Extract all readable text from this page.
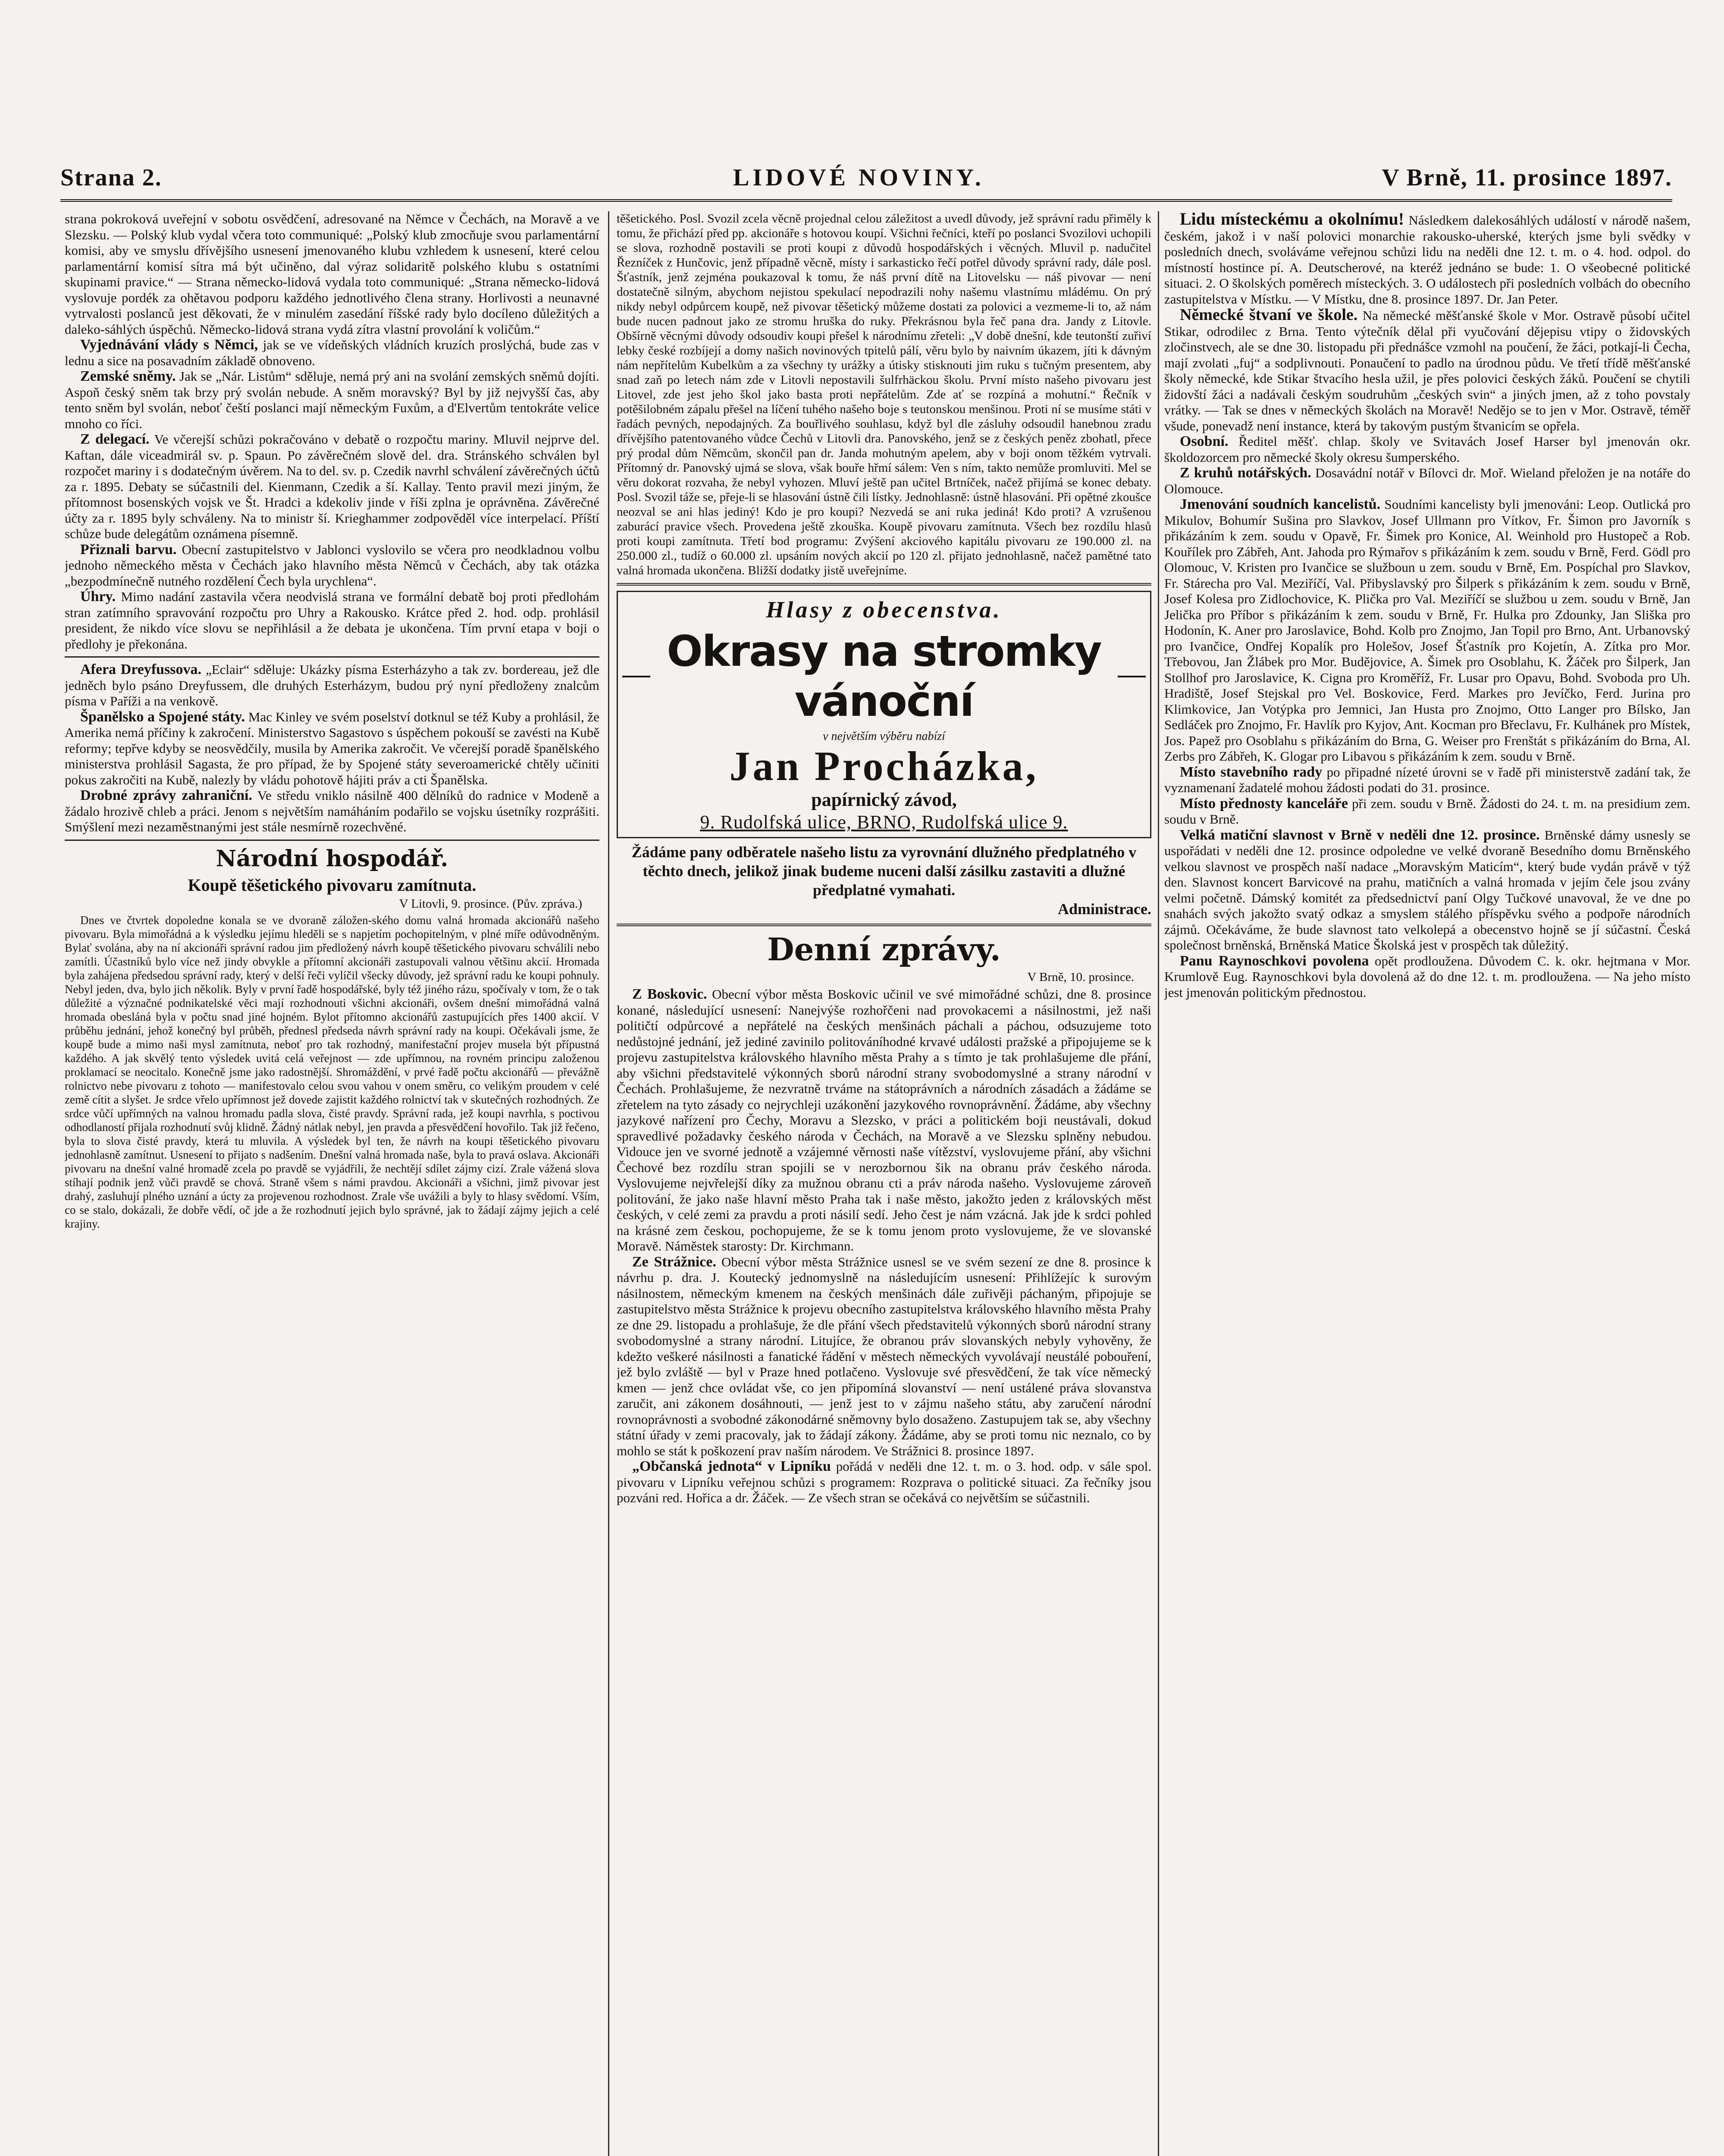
Strana 2.	LIDOVÉ NOVINY.	V Brně, 11. prosince 1897.

strana pokroková uveřejní v sobotu osvědčení, adresované na Němce v Čechách, na Moravě a ve Slezsku. — Polský klub vydal včera toto communiqué: „Polský klub zmocňuje svou parlamentární komisi, aby ve smyslu dřívějšího usnesení jmenovaného klubu vzhledem k usnesení, které celou parlamentární komisí sítra má být učiněno, dal výraz solidaritě polského klubu s ostatními skupinami pravice.“ — Strana německo-lidová vydala toto communiqué: „Strana německo-lidová vyslovuje pordék za ohětavou podporu každého jednotlivého člena strany. Horlivosti a neunavné vytrvalosti poslanců jest děkovati, že v minulém zasedání říšské rady bylo docíleno důležitých a daleko-sáhlých úspěchů. Německo-lidová strana vydá zítra vlastní provolání k voličům.“

Vyjednávání vlády s Němci, jak se ve vídeňských vládních kruzích proslýchá, bude zas v lednu a sice na posavadním základě obnoveno.

Zemské sněmy. Jak se „Nár. Listům“ sděluje, nemá prý ani na svolání zemských sněmů dojíti. Aspoň český sněm tak brzy prý svolán nebude. A sněm moravský? Byl by již nejvyšší čas, aby tento sněm byl svolán, neboť čeští poslanci mají německým Fuxům, a d'Elvertům tentokráte velice mnoho co říci.

Z delegací. Ve včerejší schůzi pokračováno v debatě o rozpočtu mariny. Mluvil nejprve del. Kaftan, dále viceadmirál sv. p. Spaun. Po závěrečném slově del. dra. Stránského schválen byl rozpočet mariny i s dodatečným úvěrem. Na to del. sv. p. Czedik navrhl schválení závěrečných účtů za r. 1895. Debaty se súčastnili del. Kienmann, Czedik a ší. Kallay. Tento pravil mezi jiným, že přítomnost bosenských vojsk ve Št. Hradci a kdekoliv jinde v říši zplna je oprávněna. Závěrečné účty za r. 1895 byly schváleny. Na to ministr ší. Krieghammer zodpověděl více interpelací. Příští schůze bude delegátům oznámena písemně.

Přiznali barvu. Obecní zastupitelstvo v Jablonci vyslovilo se včera pro neodkladnou volbu jednoho německého města v Čechách jako hlavního města Němců v Čechách, aby tak otázka „bezpodmínečně nutného rozdělení Čech byla urychlena“.

Úhry. Mimo nadání zastavila včera neodvislá strana ve formální debatě boj proti předlohám stran zatímního spravování rozpočtu pro Uhry a Rakousko. Krátce před 2. hod. odp. prohlásil president, že nikdo více slovu se nepřihlásil a že debata je ukončena. Tím první etapa v boji o předlohy je překonána.

Afera Dreyfussova. „Eclair“ sděluje: Ukázky písma Esterházyho a tak zv. bordereau, jež dle jedněch bylo psáno Dreyfussem, dle druhých Esterházym, budou prý nyní předloženy znalcům písma v Paříži a na venkově.

Španělsko a Spojené státy. Mac Kinley ve svém poselství dotknul se též Kuby a prohlásil, že Amerika nemá příčiny k zakročení. Ministerstvo Sagastovo s úspěchem pokouší se zavésti na Kubě reformy; tepřve kdyby se neosvědčily, musila by Amerika zakročit. Ve včerejší poradě španělského ministerstva prohlásil Sagasta, že pro případ, že by Spojené státy severoamerické chtěly učiniti pokus zakročiti na Kubě, nalezly by vládu pohotově hájiti práv a cti Španělska.

Drobné zprávy zahraniční. Ve středu vniklo násilně 400 dělníků do radnice v Modeně a žádalo hrozivě chleb a práci. Jenom s největším namáháním podařilo se vojsku úsetníky rozprášiti. Smýšlení mezi nezaměstnanými jest stále nesmírně rozechvěné.

Národní hospodář.
Koupě těšetického pivovaru zamítnuta.
V Litovli, 9. prosince. (Pův. zpráva.)

Dnes ve čtvrtek dopoledne konala se ve dvoraně záložen-ského domu valná hromada akcionářů našeho pivovaru. Byla mimořádná a k výsledku jejímu hleděli se s napjetím pochopitelným, v plné míře odůvodněným. Bylať svolána, aby na ní akcionáři správní radou jim předložený návrh koupě těšetického pivovaru schválili nebo zamítli. Účastníků bylo více než jindy obvykle a přítomní akcionáři zastupovali valnou většinu akcií. Hromada byla zahájena předsedou správní rady, který v delší řeči vylíčil všecky důvody, jež správní radu ke koupi pohnuly. Nebyl jeden, dva, bylo jich několik. Byly v první řadě hospodářské, byly též jiného rázu, spočívaly v tom, že o tak důležité a význačné podnikatelské věci mají rozhodnouti všichni akcionáři, ovšem dnešní mimořádná valná hromada obesláná byla v počtu snad jiné hojném. Bylot přítomno akcionářů zastupujících přes 1400 akcií. V průběhu jednání, jehož konečný byl průběh, přednesl předseda návrh správní rady na koupi. Očekávali jsme, že koupě bude a mimo naši mysl zamítnuta, neboť pro tak rozhodný, manifestační projev musela být přípustná každého. A jak skvělý tento výsledek uvitá celá veřejnost — zde upřímnou, na rovném principu založenou proklamací se neocitalo. Konečně jsme jako radostnější. Shromáždění, v prvé řadě počtu akcionářů — převážně rolnictvo nebe pivovaru z tohoto — manifestovalo celou svou vahou v onem směru, co velikým proudem v celé země cítit a slyšet. Je srdce vřelo upřímnost jež dovede zajistit každého rolnictví tak v skutečných rozhodných. Ze srdce vůčí upřímných na valnou hromadu padla slova, čisté pravdy. Správní rada, jež koupi navrhla, s poctivou odhodlaností přijala rozhodnutí svůj klidně. Žádný nátlak nebyl, jen pravda a přesvědčení hovořilo. Tak již řečeno, byla to slova čisté pravdy, která tu mluvila. A výsledek byl ten, že návrh na koupi těšetického pivovaru jednohlasně zamítnut. Usnesení to přijato s nadšením. Dnešní valná hromada naše, byla to pravá oslava. Akcionáři pivovaru na dnešní valné hromadě zcela po pravdě se vyjádřili, že nechtějí sdílet zájmy cizí. Zrale vážená slova stíhají podnik jenž vůči pravdě se chová. Straně všem s námi pravdou. Akcionáři a všichni, jimž pivovar jest drahý, zasluhují plného uznání a úcty za projevenou rozhodnost. Zrale vše uvážili a byly to hlasy svědomí. Vším, co se stalo, dokázali, že dobře vědí, oč jde a že rozhodnutí jejich bylo správné, jak to žádají zájmy jejich a celé krajiny.

těšetického. Posl. Svozil zcela věcně projednal celou záležitost a uvedl důvody, jež správní radu přiměly k tomu, že přichází před pp. akcionáře s hotovou koupí. Všichni řečníci, kteří po poslanci Svozilovi uchopili se slova, rozhodně postavili se proti koupi z důvodů hospodářských i věcných. Mluvil p. nadučitel Řezníček z Hunčovic, jenž případně věcně, místy i sarkasticko řečí potřel důvody správní rady, dále posl. Šťastník, jenž zejména poukazoval k tomu, že náš první dítě na Litovelsku — náš pivovar — není dostatečně silným, abychom nejistou spekulací nepodrazili nohy našemu vlastnímu mládému. On prý nikdy nebyl odpůrcem koupě, než pivovar těšetický můžeme dostati za polovici a vezmeme-li to, až nám bude nucen padnout jako ze stromu hruška do ruky. Překrásnou byla řeč pana dra. Jandy z Litovle. Obšírně věcnými důvody odsoudiv koupi přešel k národnímu zřeteli: „V době dnešní, kde teutonští zuřiví lebky české rozbíjejí a domy našich novinových tpitelů pálí, věru bylo by naivním úkazem, jíti k dávným nám nepřítelům Kubelkům a za všechny ty urážky a útisky stisknouti jim ruku s tučným presentem, aby snad zaň po letech nám zde v Litovli nepostavili šulfrhäckou školu. První místo našeho pivovaru jest Litovel, zde jest jeho škol jako basta proti nepřátelům. Zde ať se rozpíná a mohutní.“ Řečník v potěšilobném zápalu přešel na líčení tuhého našeho boje s teutonskou menšinou. Proti ní se musíme státi v řadách pevných, nepodajných. Za bouřlivého souhlasu, když byl dle zásluhy odsoudil hanebnou zradu dřívějšího patentovaného vůdce Čechů v Litovli dra. Panovského, jenž se z českých peněz zbohatl, přece prý prodal dům Němcům, skončil pan dr. Janda mohutným apelem, aby v boji onom těžkém vytrvali. Přítomný dr. Panovský ujmá se slova, však bouře hřmí sálem: Ven s ním, takto nemůže promluviti. Mel se věru dokorat rozvaha, že nebyl vyhozen. Mluví ještě pan učitel Brtníček, načež přijímá se konec debaty. Posl. Svozil táže se, přeje-li se hlasování ústně čili lístky. Jednohlasně: ústně hlasování. Při opětné zkoušce neozval se ani hlas jediný! Kdo je pro koupi? Nezvedá se ani ruka jediná! Kdo proti? A vzrušenou zaburácí pravice všech. Provedena ještě zkouška. Koupě pivovaru zamítnuta. Všech bez rozdílu hlasů proti koupi zamítnuta. Třetí bod programu: Zvýšení akciového kapitálu pivovaru ze 190.000 zl. na 250.000 zl., tudíž o 60.000 zl. upsáním nových akcií po 120 zl. přijato jednohlasně, načež pamětné tato valná hromada ukončena. Bližší dodatky jistě uveřejníme.

Hlasy z obecenstva.
Okrasy na stromky vánoční
v největším výběru nabízí
Jan Procházka,
papírnický závod,
9. Rudolfská ulice, BRNO, Rudolfská ulice 9.
Žádáme pany odběratele našeho listu za vyrovnání dlužného předplatného v těchto dnech, jelikož jinak budeme nuceni další zásilku zastaviti a dlužné předplatné vymahati.
Administrace.
Denní zprávy.
V Brně, 10. prosince.

Z Boskovic. Obecní výbor města Boskovic učinil ve své mimořádné schůzi, dne 8. prosince konané, následující usnesení: Nanejvýše rozhořčeni nad provokacemi a násilnostmi, jež naši političtí odpůrcové a nepřátelé na českých menšinách páchali a páchou, odsuzujeme toto nedůstojné jednání, jež jediné zavinilo politováníhodné krvavé události pražské a připojujeme se k projevu zastupitelstva královského hlavního města Prahy a s tímto je tak prohlašujeme dle přání, aby všichni představitelé výkonných sborů národní strany svobodomyslné a strany národní v Čechách. Prohlašujeme, že nezvratně trváme na státoprávních a národních zásadách a žádáme se zřetelem na tyto zásady co nejrychleji uzákonění jazykového rovnoprávnění. Žádáme, aby všechny jazykové nařízení pro Čechy, Moravu a Slezsko, v práci a politickém boji neustávali, dokud spravedlivé požadavky českého národa v Čechách, na Moravě a ve Slezsku splněny nebudou. Vidouce jen ve svorné jednotě a vzájemné věrnosti naše vítězství, vyslovujeme přání, aby všichni Čechové bez rozdílu stran spojili se v nerozbornou šik na obranu práv českého národa. Vyslovujeme nejvřelejší díky za mužnou obranu cti a práv národa našeho. Vyslovujeme zároveň politování, že jako naše hlavní město Praha tak i naše město, jakožto jeden z královských měst českých, v celé zemi za pravdu a proti násilí sedí. Jeho čest je nám vzácná. Jak jde k srdci pohled na krásné zem českou, pochopujeme, že se k tomu jenom proto vyslovujeme, že ve slovanské Moravě. Náměstek starosty: Dr. Kirchmann.

Ze Strážnice. Obecní výbor města Strážnice usnesl se ve svém sezení ze dne 8. prosince k návrhu p. dra. J. Koutecký jednomyslně na následujícím usnesení: Přihlížejíc k surovým násilnostem, německým kmenem na českých menšinách dále zuřivěji páchaným, připojuje se zastupitelstvo města Strážnice k projevu obecního zastupitelstva královského hlavního města Prahy ze dne 29. listopadu a prohlašuje, že dle přání všech představitelů výkonných sborů národní strany svobodomyslné a strany národní. Litujíce, že obranou práv slovanských nebyly vyhověny, že kdežto veškeré násilnosti a fanatické řádění v městech německých vyvolávají neustálé pobouření, jež bylo zvláště — byl v Praze hned potlačeno. Vyslovuje své přesvědčení, že tak více německý kmen — jenž chce ovládat vše, co jen připomíná slovanství — není ustálené práva slovanstva zaručit, ani zákonem dosáhnouti, — jenž jest to v zájmu našeho státu, aby zaručení národní rovnoprávnosti a svobodné zákonodárné sněmovny bylo dosaženo. Zastupujem tak se, aby všechny státní úřady v zemi pracovaly, jak to žádají zákony. Žádáme, aby se proti tomu nic neznalo, co by mohlo se stát k poškození prav naším národem. Ve Strážnici 8. prosince 1897.

„Občanská jednota“ v Lipníku pořádá v neděli dne 12. t. m. o 3. hod. odp. v sále spol. pivovaru v Lipníku veřejnou schůzi s programem: Rozprava o politické situaci. Za řečníky jsou pozváni red. Hořica a dr. Žáček. — Ze všech stran se očekává co největším se súčastnili.

Lidu místeckému a okolnímu! Následkem dalekosáhlých událostí v národě našem, českém, jakož i v naší polovici monarchie rakousko-uherské, kterých jsme byli svědky v posledních dnech, svoláváme veřejnou schůzi lidu na neděli dne 12. t. m. o 4. hod. odpol. do místností hostince pí. A. Deutscherové, na kteréž jednáno se bude: 1. O všeobecné politické situaci. 2. O školských poměrech místeckých. 3. O událostech při posledních volbách do obecního zastupitelstva v Místku. — V Místku, dne 8. prosince 1897. Dr. Jan Peter.

Německé štvaní ve škole. Na německé měšťanské škole v Mor. Ostravě působí učitel Stikar, odrodilec z Brna. Tento výtečník dělal při vyučování dějepisu vtipy o židovských zločinstvech, ale se dne 30. listopadu při přednášce vzmohl na poučení, že žáci, potkají-li Čecha, mají zvolati „fuj“ a sodplivnouti. Ponaučení to padlo na úrodnou půdu. Ve třetí třídě měšťanské školy německé, kde Stikar štvacího hesla užil, je přes polovici českých žáků. Poučení se chytili židovští žáci a nadávali českým soudruhům „českých svin“ a jiných jmen, až z toho povstaly vrátky. — Tak se dnes v německých školách na Moravě! Nedějo se to jen v Mor. Ostravě, téměř všude, ponevadž není instance, která by takovým pustým štvanicím se opřela.

Osobní. Ředitel měšť. chlap. školy ve Svitavách Josef Harser byl jmenován okr. školdozorcem pro německé školy okresu šumperského.

Z kruhů notářských. Dosavádní notář v Bílovci dr. Moř. Wieland přeložen je na notáře do Olomouce.

Jmenování soudních kancelistů. Soudními kancelisty byli jmenováni: Leop. Outlická pro Mikulov, Bohumír Sušina pro Slavkov, Josef Ullmann pro Vítkov, Fr. Šimon pro Javorník s přikázáním k zem. soudu v Opavě, Fr. Šimek pro Konice, Al. Weinhold pro Hustopeč a Rob. Kouřílek pro Zábřeh, Ant. Jahoda pro Rýmařov s přikázáním k zem. soudu v Brně, Ferd. Gödl pro Olomouc, V. Kristen pro Ivančice se služboun u zem. soudu v Brně, Em. Pospíchal pro Slavkov, Fr. Stárecha pro Val. Meziříčí, Val. Přibyslavský pro Šilperk s přikázáním k zem. soudu v Brně, Josef Kolesa pro Zidlochovice, K. Plička pro Val. Meziříčí se službou u zem. soudu v Brně, Jan Jelička pro Příbor s přikázáním k zem. soudu v Brně, Fr. Hulka pro Zdounky, Jan Sliška pro Hodonín, K. Aner pro Jaroslavice, Bohd. Kolb pro Znojmo, Jan Topil pro Brno, Ant. Urbanovský pro Ivančice, Ondřej Kopalík pro Holešov, Josef Šťastník pro Kojetín, A. Zítka pro Mor. Třebovou, Jan Žlábek pro Mor. Budějovice, A. Šimek pro Osoblahu, K. Žáček pro Šilperk, Jan Stollhof pro Jaroslavice, K. Cigna pro Kroměříž, Fr. Lusar pro Opavu, Bohd. Svoboda pro Uh. Hradiště, Josef Stejskal pro Vel. Boskovice, Ferd. Markes pro Jevíčko, Ferd. Jurina pro Klimkovice, Jan Votýpka pro Jemnici, Jan Husta pro Znojmo, Otto Langer pro Bílsko, Jan Sedláček pro Znojmo, Fr. Havlík pro Kyjov, Ant. Kocman pro Břeclavu, Fr. Kulhánek pro Místek, Jos. Papež pro Osoblahu s přikázáním do Brna, G. Weiser pro Frenštát s přikázáním do Brna, Al. Zerbs pro Zábřeh, K. Glogar pro Libavou s přikázáním k zem. soudu v Brně.

Místo stavebního rady po připadné nízeté úrovni se v řadě při ministerstvě zadání tak, že vyznamenaní žadatelé mohou žádosti podati do 31. prosince.

Místo přednosty kanceláře při zem. soudu v Brně. Žádosti do 24. t. m. na presidium zem. soudu v Brně.

Velká matiční slavnost v Brně v neděli dne 12. prosince. Brněnské dámy usnesly se uspořádati v neděli dne 12. prosince odpoledne ve velké dvoraně Besedního domu Brněnského velkou slavnost ve prospěch naší nadace „Moravským Maticím“, který bude vydán právě v týž den. Slavnost koncert Barvicové na prahu, matičních a valná hromada v jejím čele jsou zvány velmi početně. Dámský komitét za předsednictví paní Olgy Tučkové unavoval, že ve dne po snahách svých jakožto svatý odkaz a smyslem stálého příspěvku svého a podpoře národních zájmů. Očekáváme, že bude slavnost tato velkolepá a obecenstvo hojně se jí súčastní. Česká společnost brněnská, Brněnská Matice Školská jest v prospěch tak důležitý.

Panu Raynoschkovi povolena opět prodloužena. Důvodem C. k. okr. hejtmana v Mor. Krumlově Eug. Raynoschkovi byla dovolená až do dne 12. t. m. prodloužena. — Na jeho místo jest jmenován politickým přednostou.
